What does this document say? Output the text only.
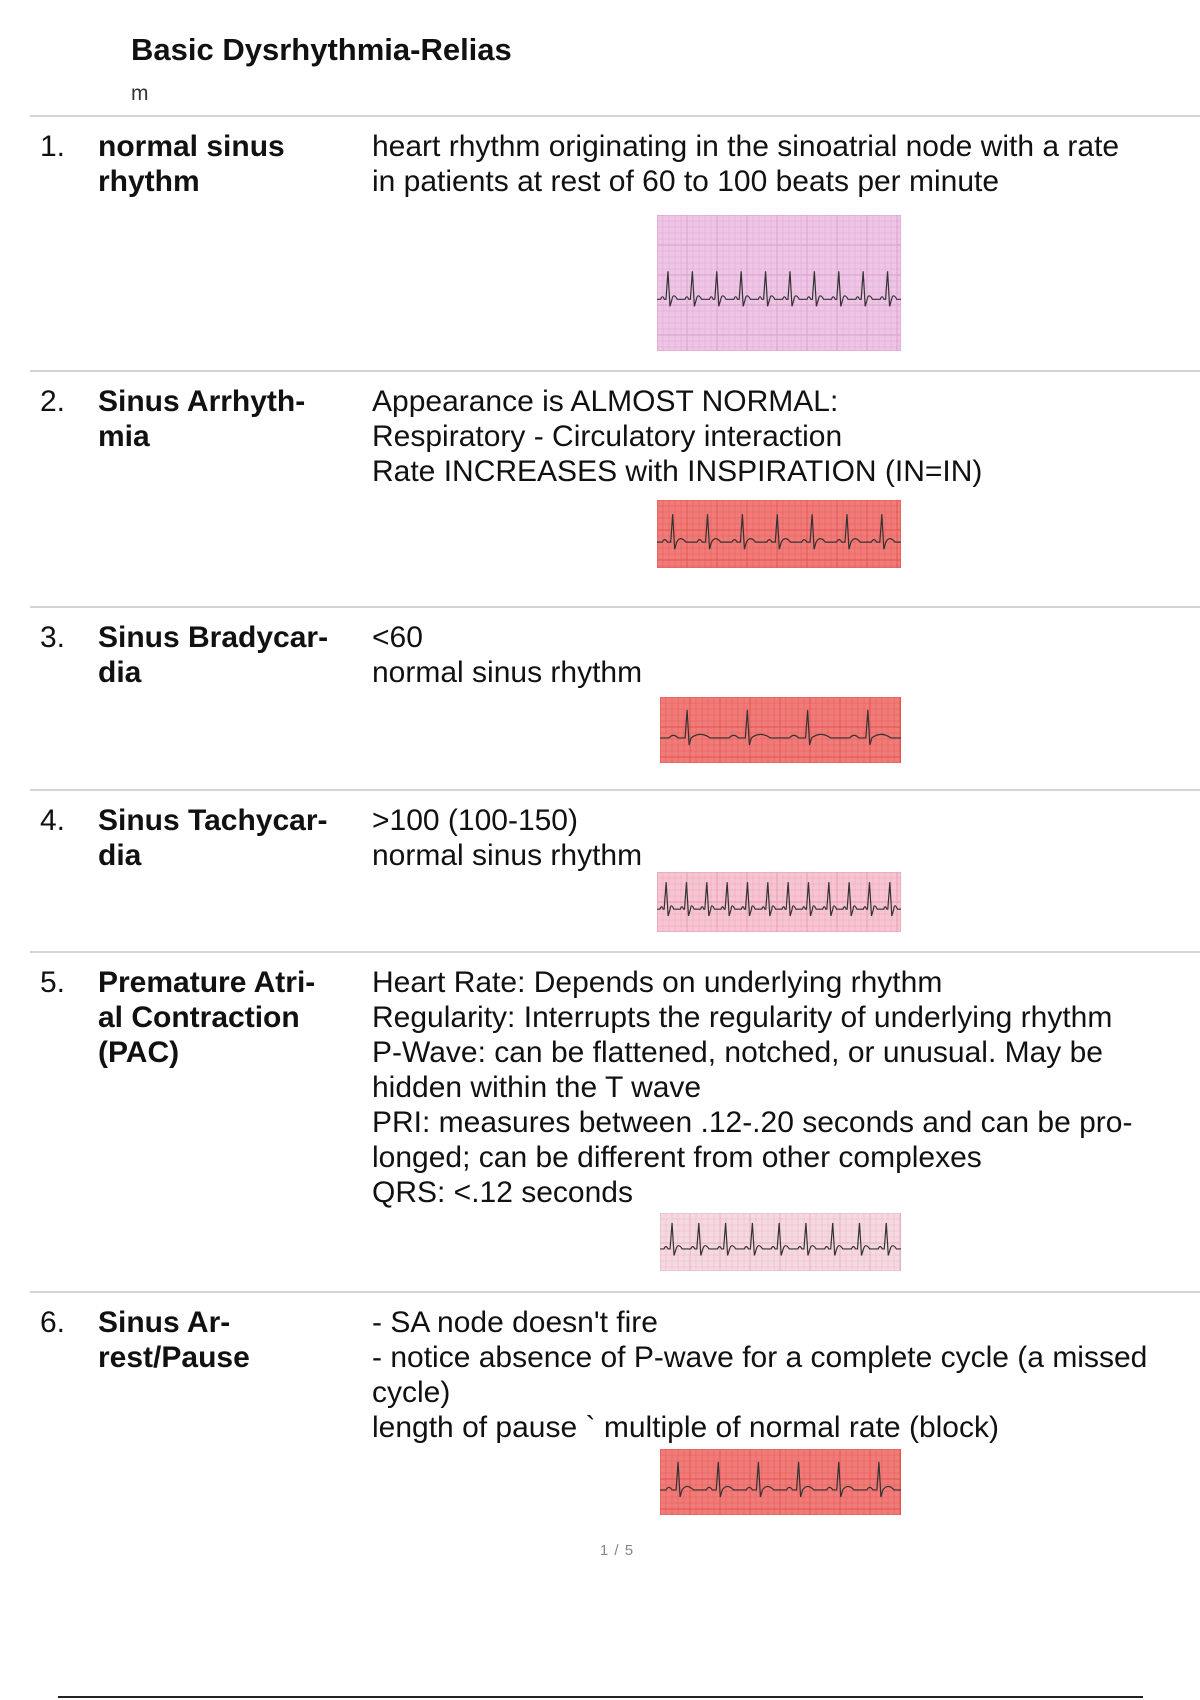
Basic Dysrhythmia-Relias
m
1. normal sinus
rhythm
heart rhythm originating in the sinoatrial node with a rate
in patients at rest of 60 to 100 beats per minute
2. Sinus Arrhyth-
mia
Appearance is ALMOST NORMAL:
Respiratory - Circulatory interaction
Rate INCREASES with INSPIRATION (IN=IN)
3. Sinus Bradycar-
dia
<60
normal sinus rhythm
4. Sinus Tachycar-
dia
>100 (100-150)
normal sinus rhythm
5. Premature Atri-
al Contraction
(PAC)
Heart Rate: Depends on underlying rhythm
Regularity: Interrupts the regularity of underlying rhythm
P-Wave: can be flattened, notched, or unusual. May be
hidden within the T wave
PRI: measures between .12-.20 seconds and can be pro-
longed; can be different from other complexes
QRS: <.12 seconds
6. Sinus Ar-
rest/Pause
- SA node doesn't fire
- notice absence of P-wave for a complete cycle (a missed
cycle)
length of pause ` multiple of normal rate (block)
1 / 5
